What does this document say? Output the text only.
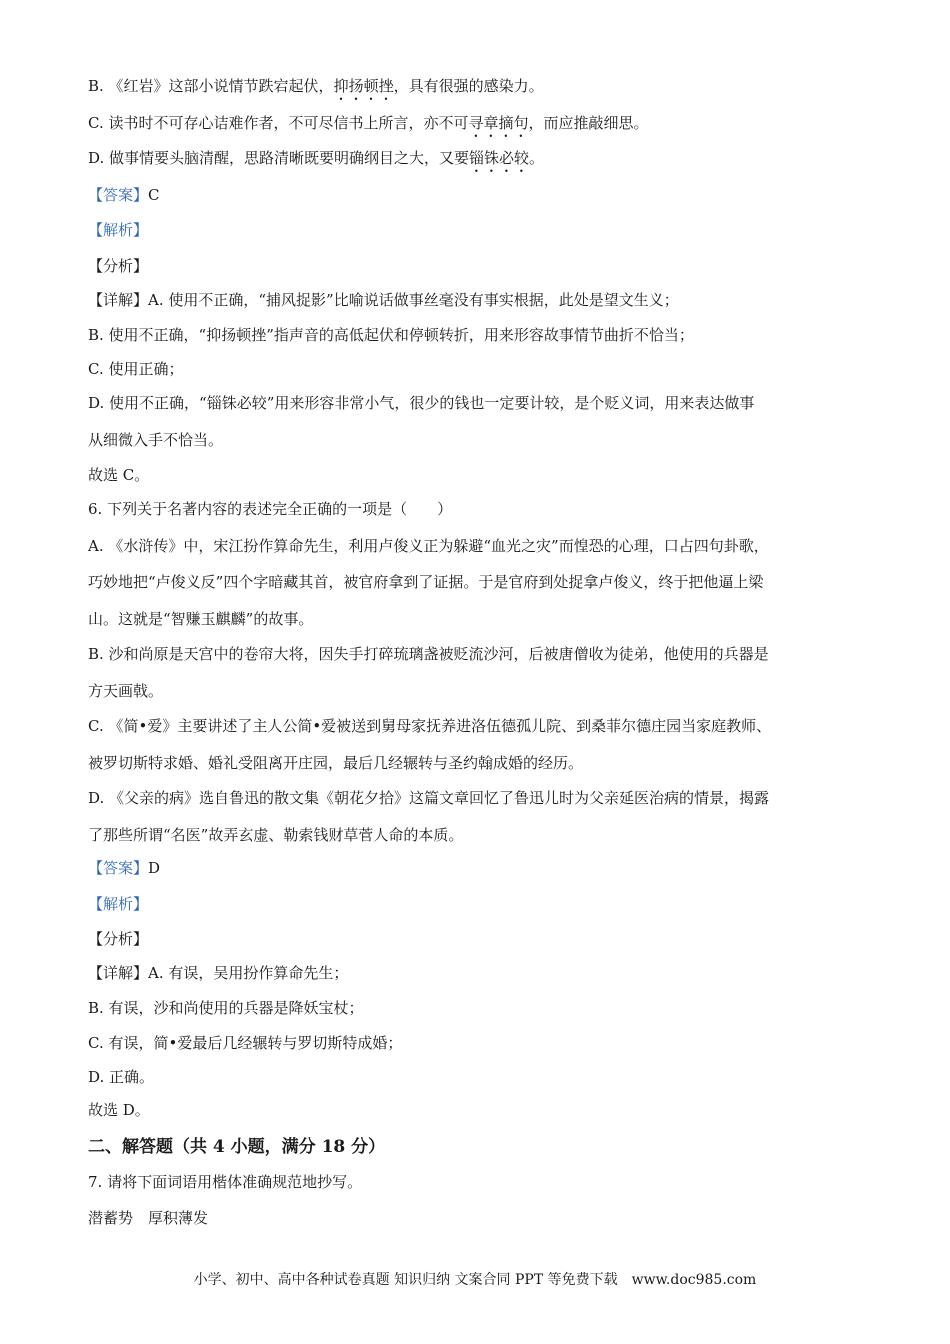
B. 《红岩》这部小说情节跌宕起伏，抑扬顿挫，具有很强的感染力。
C. 读书时不可存心诘难作者，不可尽信书上所言，亦不可寻章摘句，而应推敲细思。
D. 做事情要头脑清醒，思路清晰既要明确纲目之大，又要锱铢必较。
【答案】C
【解析】
【分析】
【详解】A. 使用不正确，“捕风捉影”比喻说话做事丝毫没有事实根据，此处是望文生义；
B. 使用不正确，“抑扬顿挫”指声音的高低起伏和停顿转折，用来形容故事情节曲折不恰当；
C. 使用正确；
D. 使用不正确，“锱铢必较”用来形容非常小气，很少的钱也一定要计较，是个贬义词，用来表达做事
从细微入手不恰当。
故选 C。
6. 下列关于名著内容的表述完全正确的一项是（　　）
A. 《水浒传》中，宋江扮作算命先生，利用卢俊义正为躲避“血光之灾”而惶恐的心理，口占四句卦歌，
巧妙地把“卢俊义反”四个字暗藏其首，被官府拿到了证据。于是官府到处捉拿卢俊义，终于把他逼上梁
山。这就是“智赚玉麒麟”的故事。
B. 沙和尚原是天宫中的卷帘大将，因失手打碎琉璃盏被贬流沙河，后被唐僧收为徒弟，他使用的兵器是
方天画戟。
C. 《简•爱》主要讲述了主人公简•爱被送到舅母家抚养进洛伍德孤儿院、到桑菲尔德庄园当家庭教师、
被罗切斯特求婚、婚礼受阻离开庄园，最后几经辗转与圣约翰成婚的经历。
D. 《父亲的病》选自鲁迅的散文集《朝花夕拾》这篇文章回忆了鲁迅儿时为父亲延医治病的情景，揭露
了那些所谓“名医”故弄玄虚、勒索钱财草菅人命的本质。
【答案】D
【解析】
【分析】
【详解】A. 有误，吴用扮作算命先生；
B. 有误，沙和尚使用的兵器是降妖宝杖；
C. 有误，简•爱最后几经辗转与罗切斯特成婚；
D. 正确。
故选 D。
二、解答题（共 4 小题，满分 18 分）
7. 请将下面词语用楷体准确规范地抄写。
潜蓄势　厚积薄发
小学、初中、高中各种试卷真题 知识归纳 文案合同 PPT 等免费下载　www.doc985.com
